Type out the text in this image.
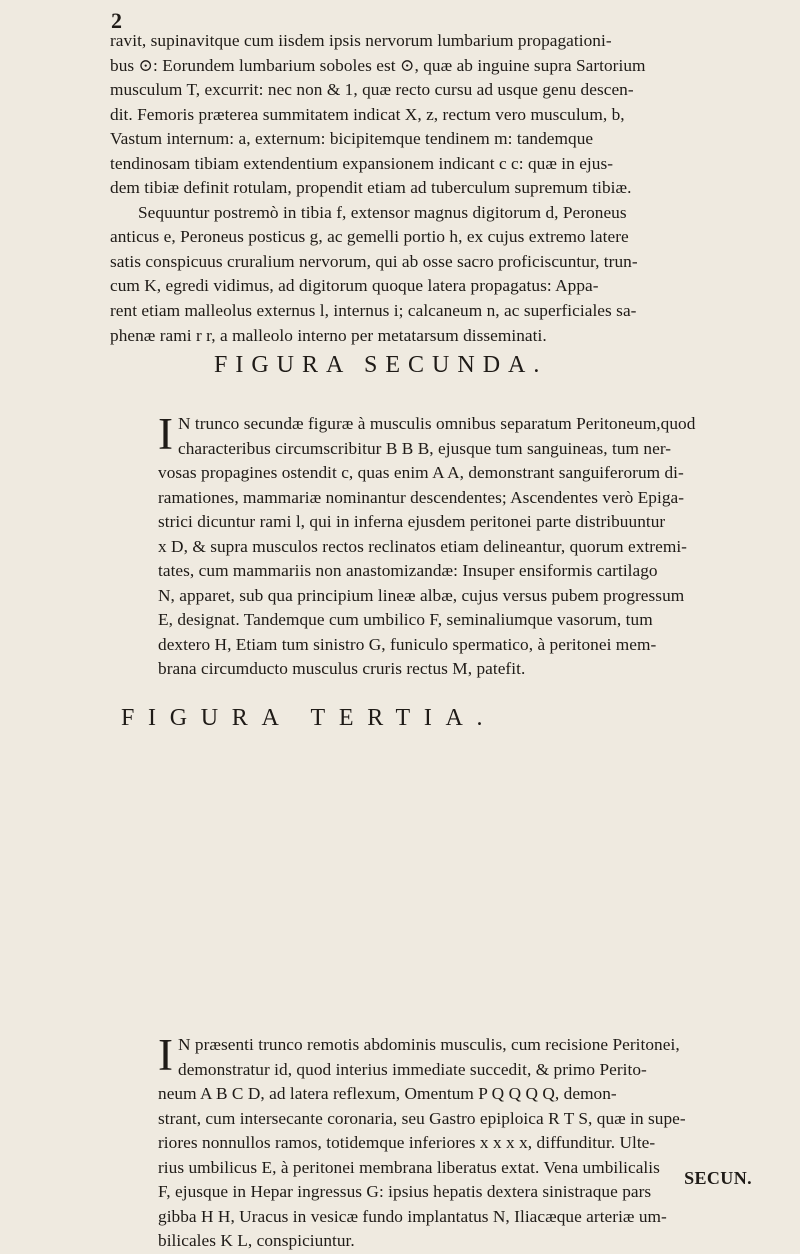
2
ravit, supinavitque cum iisdem ipsis nervorum lumbarium propagationi-
bus ⊙: Eorundem lumbarium soboles est ⊙, quæ ab inguine supra Sartorium
musculum T, excurrit: nec non & 1, quæ recto cursu ad usque genu descen-
dit. Femoris præterea summitatem indicat X, z, rectum vero musculum, b,
Vastum internum: a, externum: bicipitemque tendinem m: tandemque
tendinosam tibiam extendentium expansionem indicant c c: quæ in ejus-
dem tibiæ definit rotulam, propendit etiam ad tuberculum supremum tibiæ.
Sequuntur postremò in tibia f, extensor magnus digitorum d, Peroneus
anticus e, Peroneus posticus g, ac gemelli portio h, ex cujus extremo latere
satis conspicuus cruralium nervorum, qui ab osse sacro proficiscuntur, trun-
cum K, egredi vidimus, ad digitorum quoque latera propagatus: Appa-
rent etiam malleolus externus l, internus i; calcaneum n, ac superficiales sa-
phenæ rami r r, a malleolo interno per metatarsum disseminati.
FIGURA SECUNDA.
I N trunco secundæ figuræ à musculis omnibus separatum Peritoneum,quod
characteribus circumscribitur B B B, ejusque tum sanguineas, tum ner-
vosas propagines ostendit c, quas enim A A, demonstrant sanguiferorum di-
ramationes, mammariæ nominantur descendentes; Ascendentes verò Epiga-
strici dicuntur rami l, qui in inferna ejusdem peritonei parte distribuuntur
x D, & supra musculos rectos reclinatos etiam delineantur, quorum extremi-
tates, cum mammariis non anastomizandæ: Insuper ensiformis cartilago
N, apparet, sub qua principium lineæ albæ, cujus versus pubem progressum
E, designat. Tandemque cum umbilico F, seminaliumque vasorum, tum
dextero H, Etiam tum sinistro G, funiculo spermatico, à peritonei mem-
brana circumducto musculus cruris rectus M, patefit.
FIGURA TERTIA.
I N præsenti trunco remotis abdominis musculis, cum recisione Peritonei,
demonstratur id, quod interius immediate succedit, & primo Perito-
neum A B C D, ad latera reflexum, Omentum P Q Q Q Q, demon-
strant, cum intersecante coronaria, seu Gastro epiploica R T S, quæ in supe-
riores nonnullos ramos, totidemque inferiores x x x x, diffunditur. Ulte-
rius umbilicus E, à peritonei membrana liberatus extat. Vena umbilicalis
F, ejusque in Hepar ingressus G: ipsius hepatis dextera sinistraque pars
gibba H H, Uracus in vesicæ fundo implantatus N, Iliacæque arteriæ um-
bilicales K L, conspiciuntur.
SECUN.
